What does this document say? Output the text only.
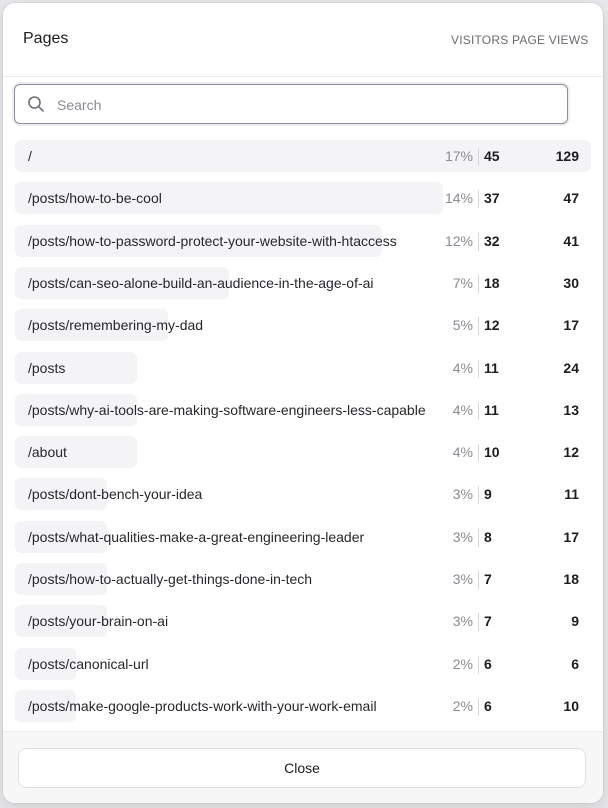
Pages	VISITORS PAGE VIEWS
Search
/	17% 45	129
/posts/how-to-be-cool	14% 37	47
/posts/how-to-password-protect-your-website-with-htaccess	12% 32	41
/posts/can-seo-alone-build-an-audience-in-the-age-of-ai	7% 18	30
/posts/remembering-my-dad	5% 12	17
/posts	4% 11	24
/posts/why-ai-tools-are-making-software-engineers-less-capable	4% 11	13
/about	4% 10	12
/posts/dont-bench-your-idea	3% 9	11
/posts/what-qualities-make-a-great-engineering-leader	3% 8	17
/posts/how-to-actually-get-things-done-in-tech	3% 7	18
/posts/your-brain-on-ai	3% 7	9
/posts/canonical-url	2% 6	6
/posts/make-google-products-work-with-your-work-email	2% 6	10
Close
